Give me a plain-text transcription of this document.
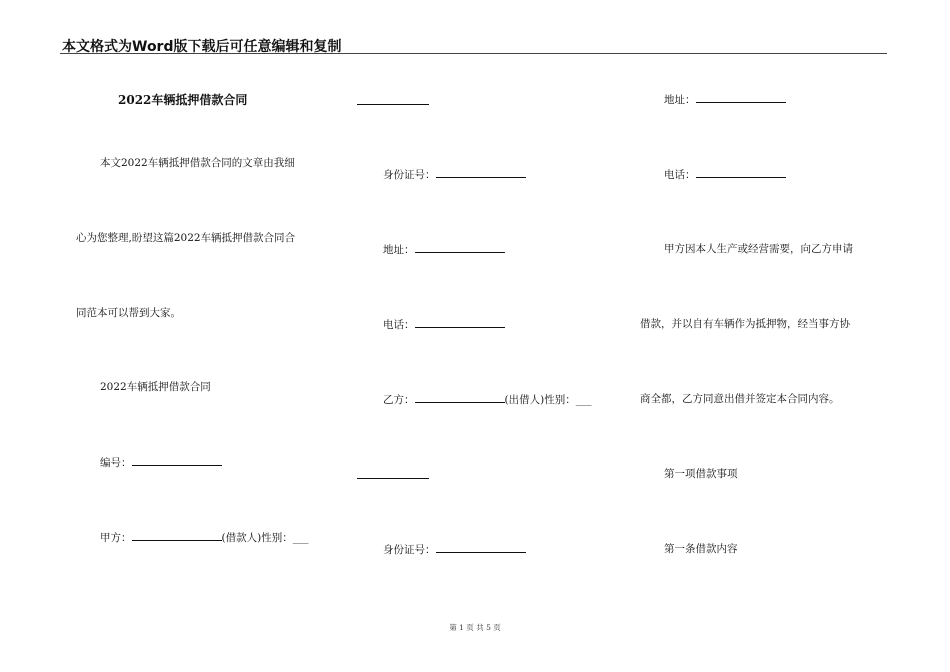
本文格式为Word版下载后可任意编辑和复制
2022车辆抵押借款合同
本文2022车辆抵押借款合同的文章由我细
心为您整理,盼望这篇2022车辆抵押借款合同合
同范本可以帮到大家。
2022车辆抵押借款合同
编号：
甲方：	(借款人)性别：___
身份证号：
地址：
电话：
乙方：	(出借人)性别：___
身份证号：
地址：
电话：
甲方因本人生产或经营需要，向乙方申请
借款，并以自有车辆作为抵押物，经当事方协
商全都，乙方同意出借并签定本合同内容。
第一项借款事项
第一条借款内容
第 1 页 共 5 页
